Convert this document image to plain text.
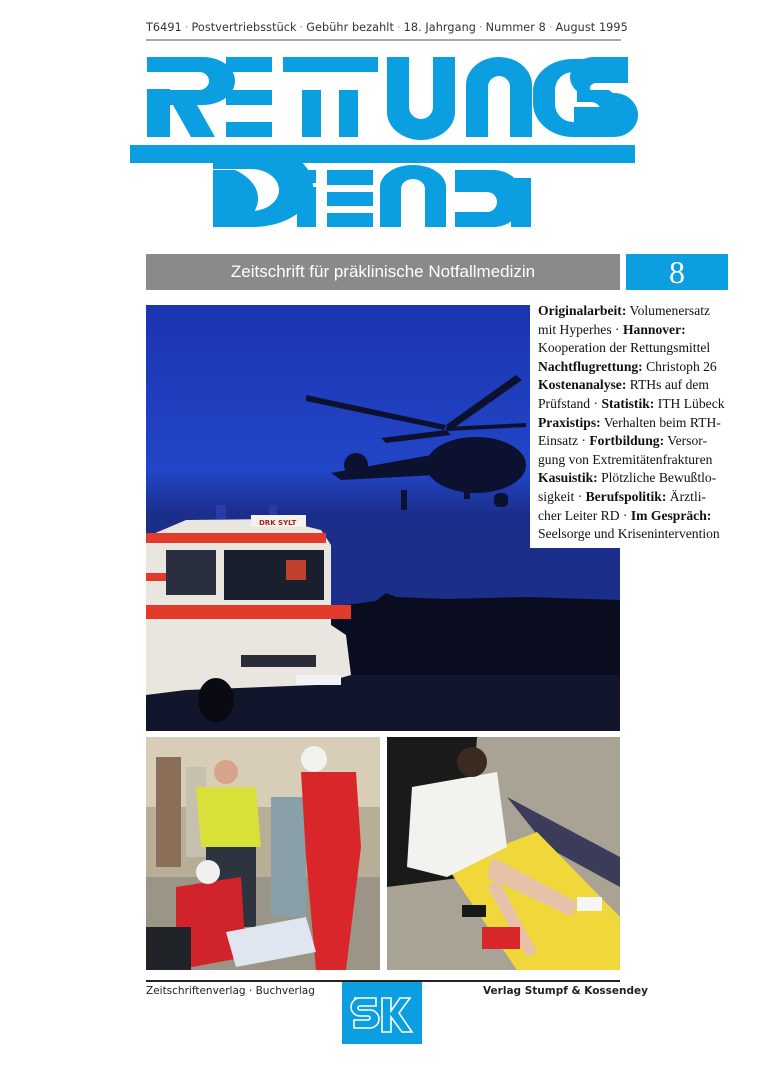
T6491 · Postvertriebsstück · Gebühr bezahlt · 18. Jahrgang · Nummer 8 · August 1995
Zeitschrift für präklinische Notfallmedizin	8
DRK SYLT
Originalarbeit: Volumenersatz
mit Hyperhes · Hannover:
Kooperation der Rettungsmittel
Nachtflugrettung: Christoph 26
Kostenanalyse: RTHs auf dem
Prüfstand · Statistik: ITH Lübeck
Praxistips: Verhalten beim RTH-
Einsatz · Fortbildung: Versor-
gung von Extremitätenfrakturen
Kasuistik: Plötzliche Bewußtlo-
sigkeit · Berufspolitik: Ärztli-
cher Leiter RD · Im Gespräch:
Seelsorge und Krisenintervention
Zeitschriftenverlag · Buchverlag	Verlag Stumpf & Kossendey
